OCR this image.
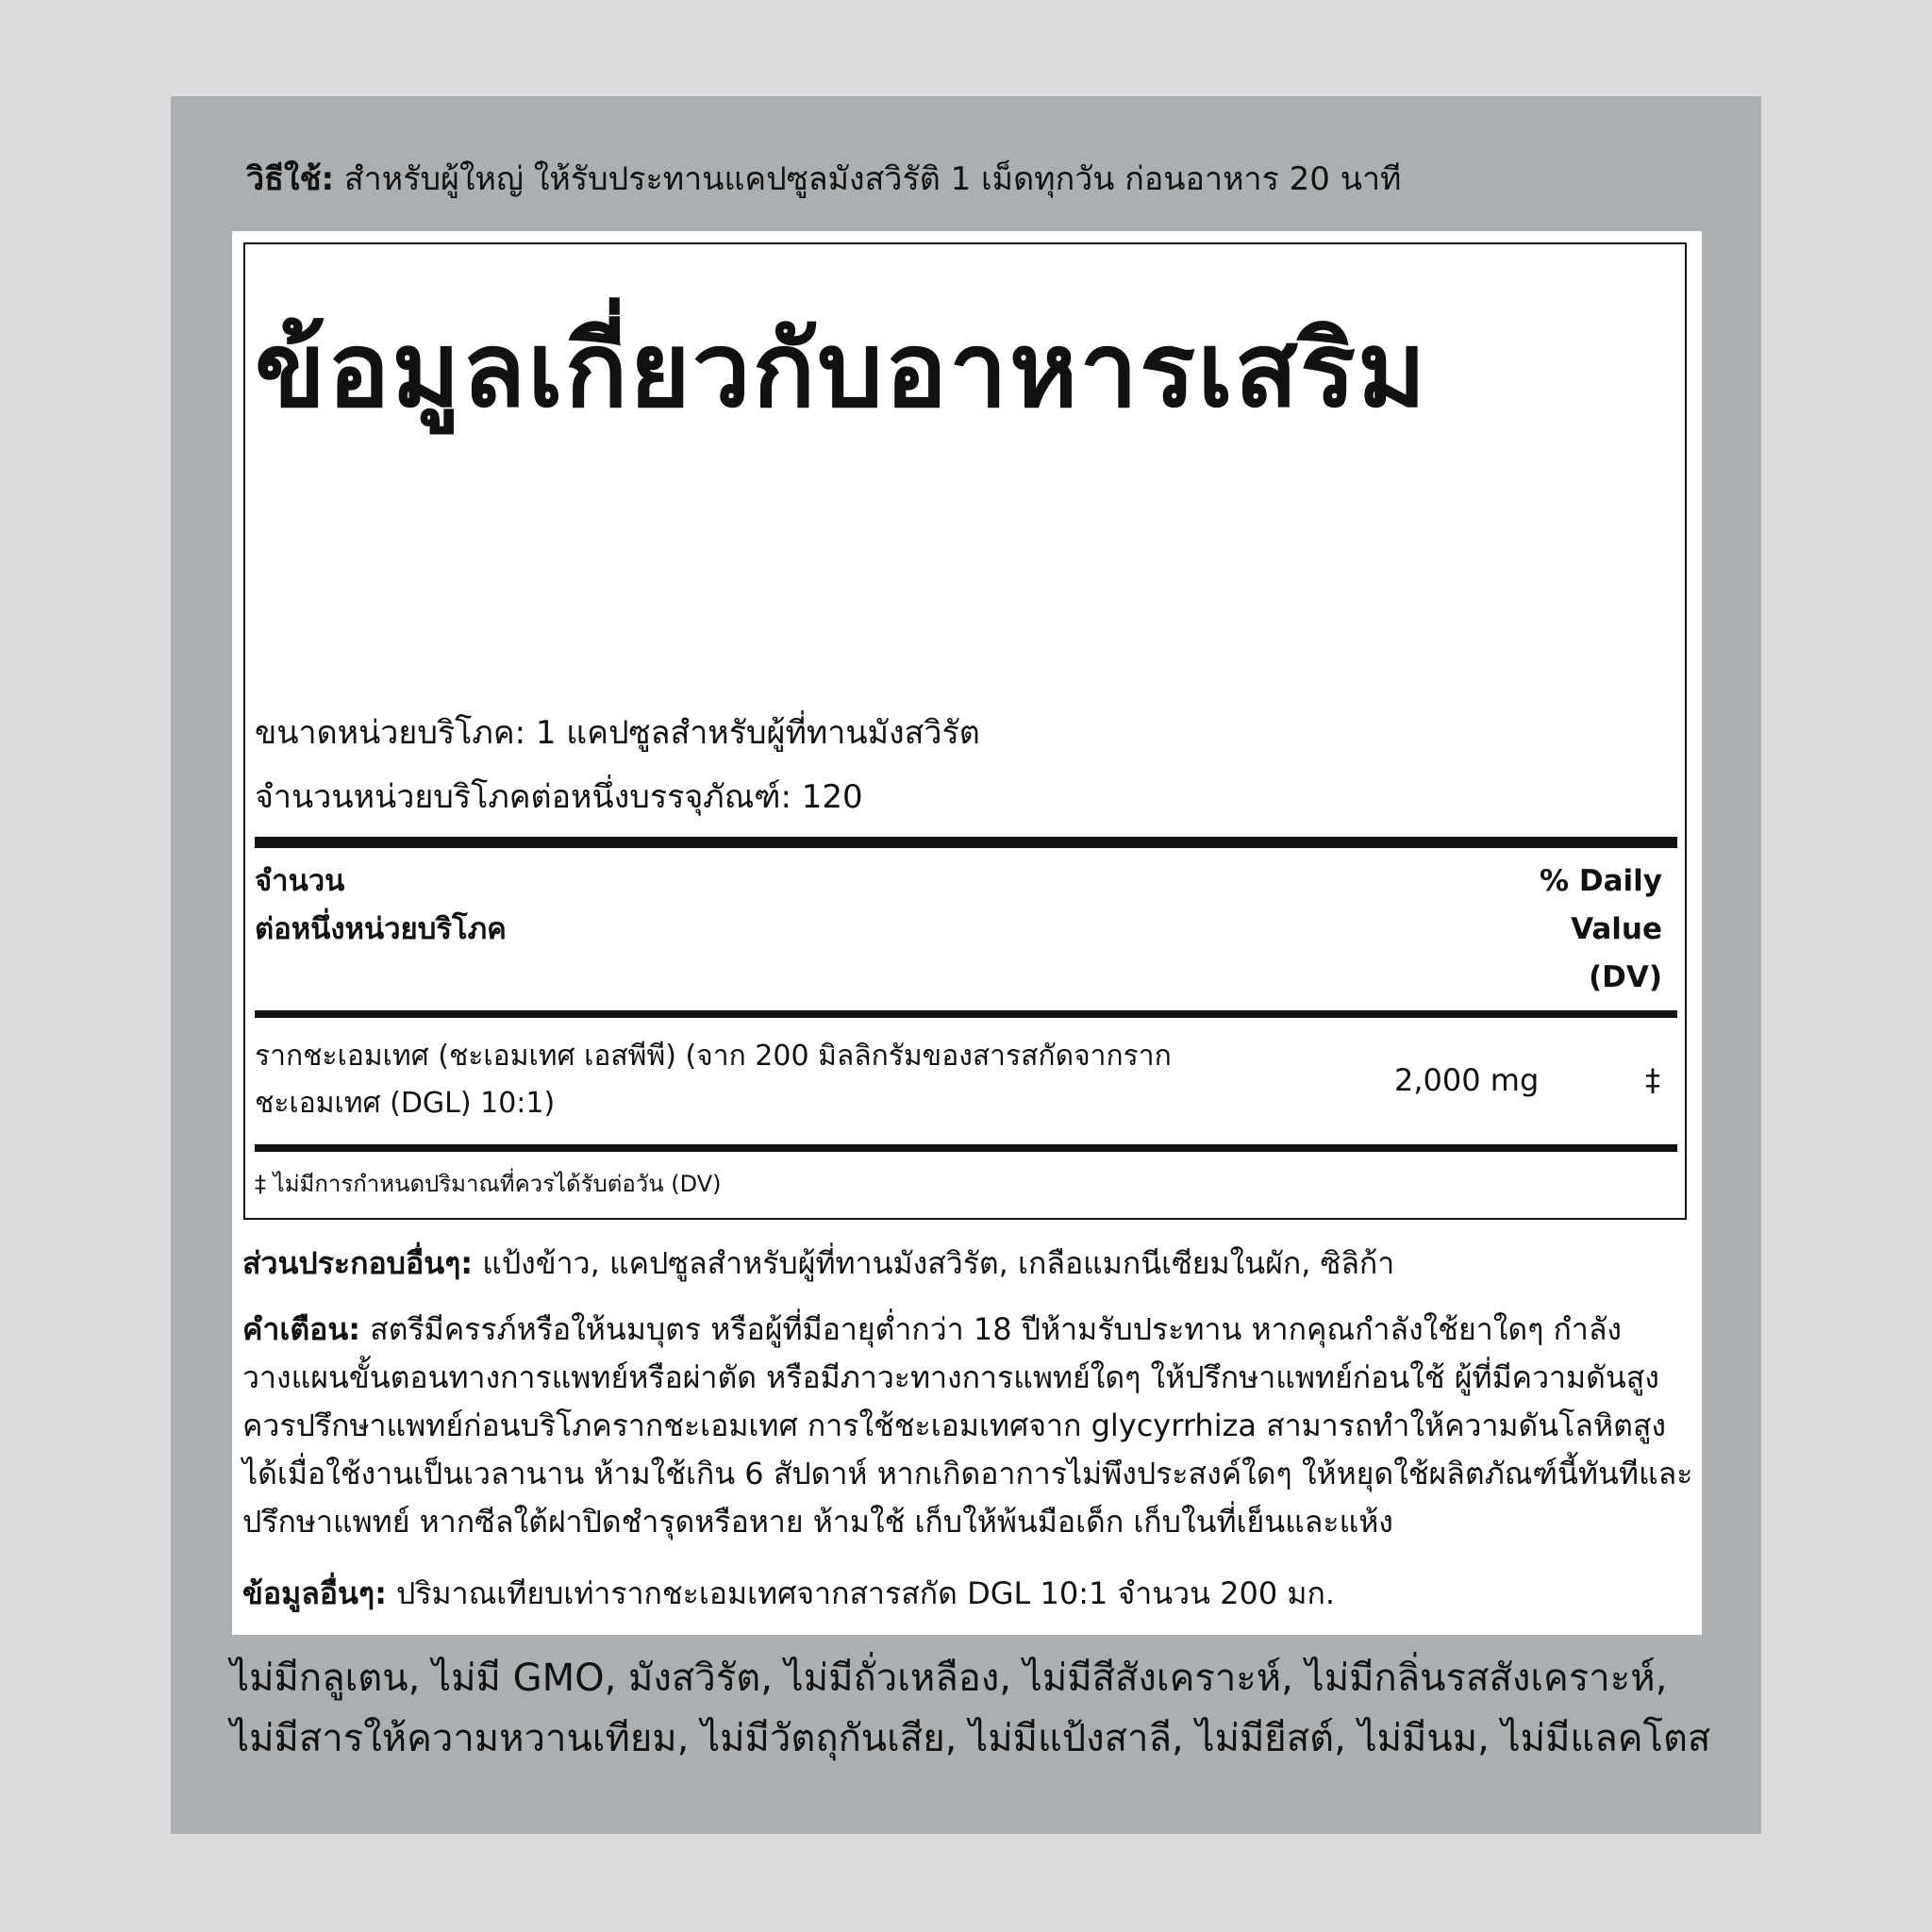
วิธีใช้: สำหรับผู้ใหญ่ ให้รับประทานแคปซูลมังสวิรัติ 1 เม็ดทุกวัน ก่อนอาหาร 20 นาที
ข้อมูลเกี่ยวกับอาหารเสริม
ขนาดหน่วยบริโภค: 1 แคปซูลสำหรับผู้ที่ทานมังสวิรัต
จำนวนหน่วยบริโภคต่อหนึ่งบรรจุภัณฑ์: 120
จำนวน
ต่อหนึ่งหน่วยบริโภค
% Daily
Value
(DV)
รากชะเอมเทศ (ชะเอมเทศ เอสพีพี) (จาก 200 มิลลิกรัมของสารสกัดจากราก ชะเอมเทศ (DGL) 10:1)
2,000 mg	‡
‡ ไม่มีการกำหนดปริมาณที่ควรได้รับต่อวัน (DV)
ส่วนประกอบอื่นๆ: แป้งข้าว, แคปซูลสำหรับผู้ที่ทานมังสวิรัต, เกลือแมกนีเซียมในผัก, ซิลิก้า
คำเตือน: สตรีมีครรภ์หรือให้นมบุตร หรือผู้ที่มีอายุต่ำกว่า 18 ปีห้ามรับประทาน หากคุณกำลังใช้ยาใดๆ กำลังวางแผนขั้นตอนทางการแพทย์หรือผ่าตัด หรือมีภาวะทางการแพทย์ใดๆ ให้ปรึกษาแพทย์ก่อนใช้ ผู้ที่มีความดันสูงควรปรึกษาแพทย์ก่อนบริโภครากชะเอมเทศ การใช้ชะเอมเทศจาก glycyrrhiza สามารถทำให้ความดันโลหิตสูงได้เมื่อใช้งานเป็นเวลานาน ห้ามใช้เกิน 6 สัปดาห์ หากเกิดอาการไม่พึงประสงค์ใดๆ ให้หยุดใช้ผลิตภัณฑ์นี้ทันทีและปรึกษาแพทย์ หากซีลใต้ฝาปิดชำรุดหรือหาย ห้ามใช้ เก็บให้พ้นมือเด็ก เก็บในที่เย็นและแห้ง
ข้อมูลอื่นๆ: ปริมาณเทียบเท่ารากชะเอมเทศจากสารสกัด DGL 10:1 จำนวน 200 มก.
ไม่มีกลูเตน, ไม่มี GMO, มังสวิรัต, ไม่มีถั่วเหลือง, ไม่มีสีสังเคราะห์, ไม่มีกลิ่นรสสังเคราะห์, ไม่มีสารให้ความหวานเทียม, ไม่มีวัตถุกันเสีย, ไม่มีแป้งสาลี, ไม่มียีสต์, ไม่มีนม, ไม่มีแลคโตส
